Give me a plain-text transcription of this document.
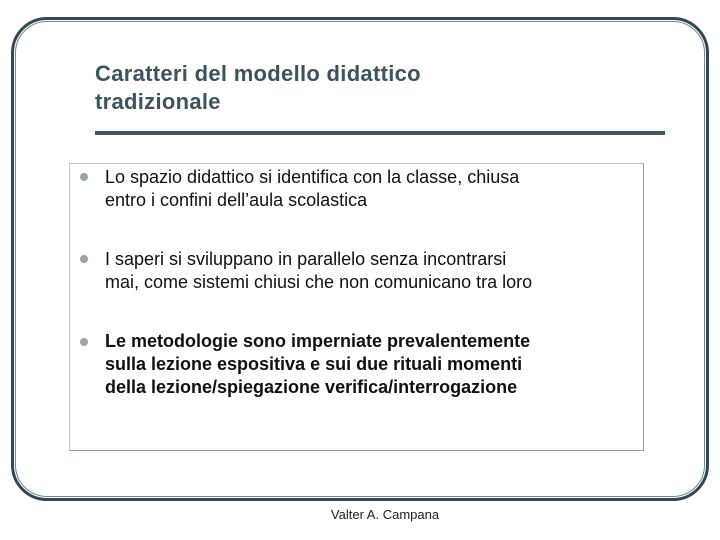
Caratteri del modello didattico
tradizionale
Lo spazio didattico si identifica con la classe, chiusa
entro i confini dell’aula scolastica
I saperi si sviluppano in parallelo senza incontrarsi
mai, come sistemi chiusi che non comunicano tra loro
Le metodologie sono imperniate prevalentemente
sulla lezione espositiva e sui due rituali momenti
della lezione/spiegazione verifica/interrogazione
Valter A. Campana
